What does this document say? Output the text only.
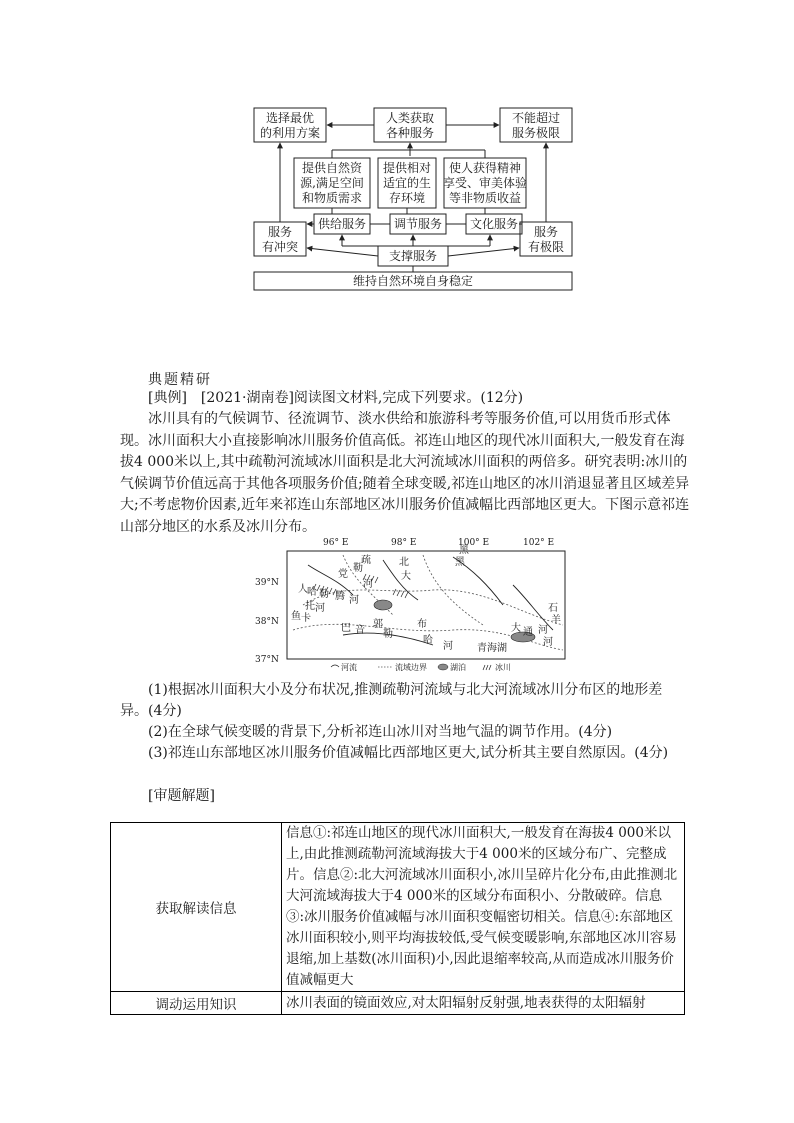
选择最优
的利用方案
人类获取
各种服务
不能超过
服务极限
提供自然资
源,满足空间
和物质需求
提供相对
适宜的生
存环境
使人获得精神
享受、审美体验
等非物质收益
供给服务 调节服务 文化服务
服务
有冲突
服务
有极限
支撑服务
维持自然环境自身稳定
典题精研
[典例]　[2021·湖南卷]阅读图文材料,完成下列要求。(12分)

冰川具有的气候调节、径流调节、淡水供给和旅游科考等服务价值,可以用货币形式体现。冰川面积大小直接影响冰川服务价值高低。祁连山地区的现代冰川面积大,一般发育在海拔4 000米以上,其中疏勒河流域冰川面积是北大河流域冰川面积的两倍多。研究表明:冰川的气候调节价值远高于其他各项服务价值;随着全球变暖,祁连山地区的冰川消退显著且区域差异大;不考虑物价因素,近年来祁连山东部地区冰川服务价值减幅比西部地区更大。下图示意祁连山部分地区的水系及冰川分布。

96° E	98° E	100° E	102° E
39°N
38°N
37°N
疏
党
河
勒
北
大
黑
人 哈 勒 腾 河
托 河
鱼 卡
巴 音
郭
勒
布
哈
河
石
羊
河
大 通
河
青海湖
黑
河流	流域边界	湖泊	冰川

(1)根据冰川面积大小及分布状况,推测疏勒河流域与北大河流域冰川分布区的地形差异。(4分)

(2)在全球气候变暖的背景下,分析祁连山冰川对当地气温的调节作用。(4分)

(3)祁连山东部地区冰川服务价值减幅比西部地区更大,试分析其主要自然原因。(4分)

[审题解题]
获取解读信息	信息①:祁连山地区的现代冰川面积大,一般发育在海拔4 000米以上,由此推测疏勒河流域海拔大于4 000米的区域分布广、完整成片。信息②:北大河流域冰川面积小,冰川呈碎片化分布,由此推测北大河流域海拔大于4 000米的区域分布面积小、分散破碎。信息③:冰川服务价值减幅与冰川面积变幅密切相关。信息④:东部地区冰川面积较小,则平均海拔较低,受气候变暖影响,东部地区冰川容易退缩,加上基数(冰川面积)小,因此退缩率较高,从而造成冰川服务价值减幅更大
调动运用知识	冰川表面的镜面效应,对太阳辐射反射强,地表获得的太阳辐射
